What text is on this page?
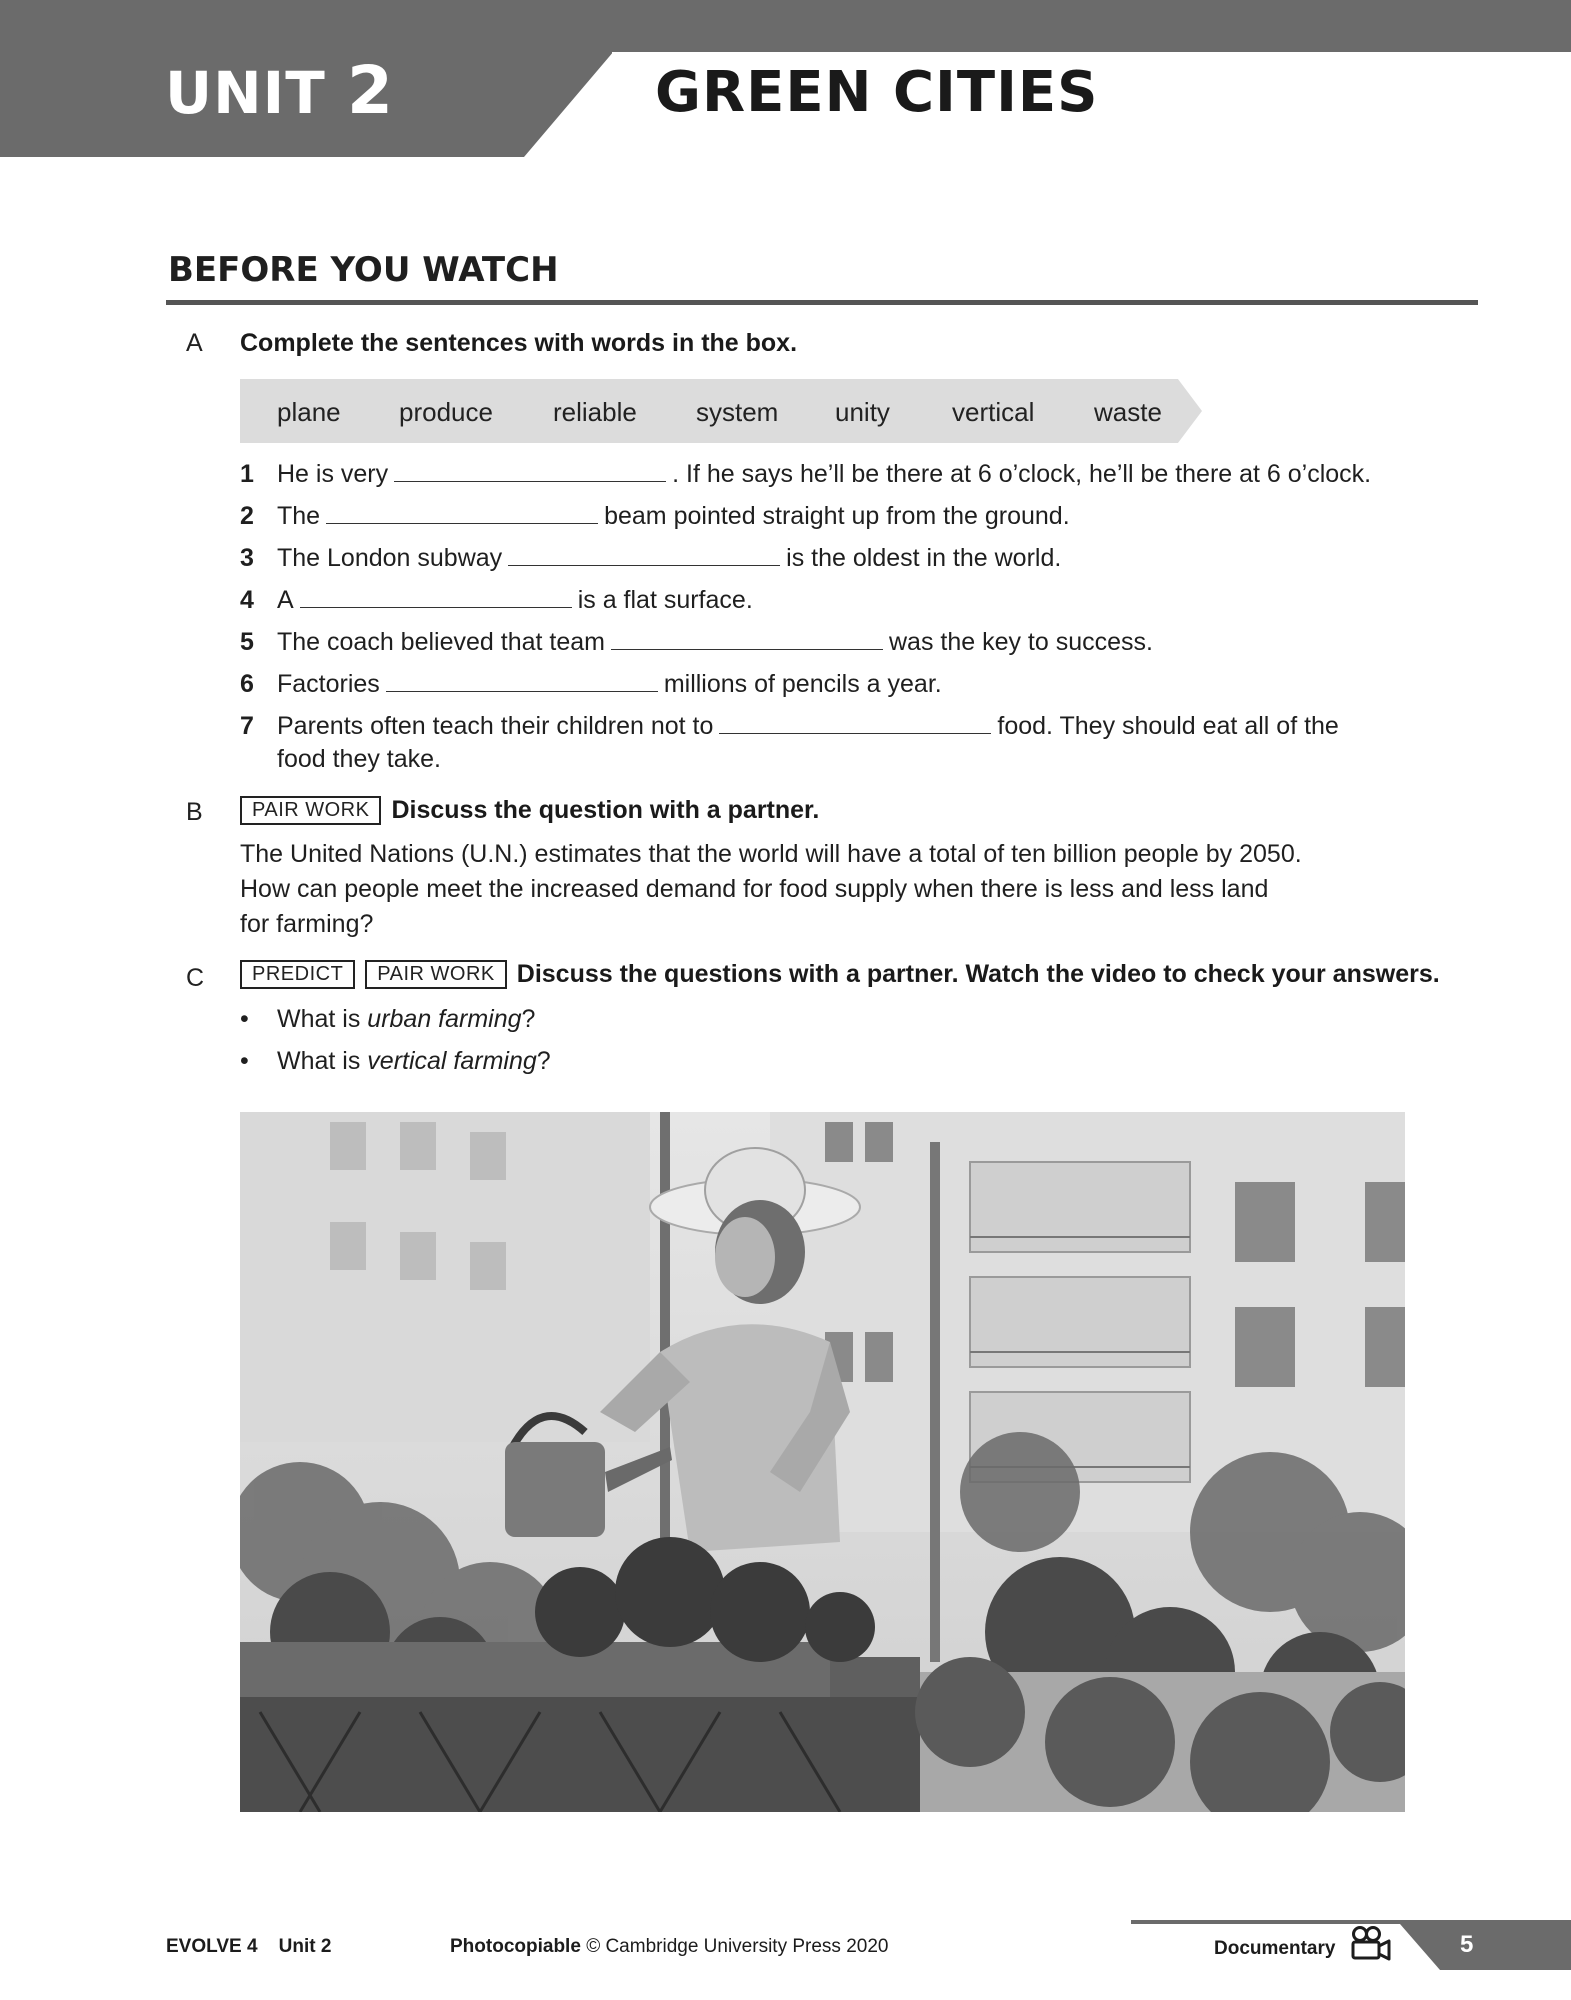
UNIT 2	GREEN CITIES
BEFORE YOU WATCH
A Complete the sentences with words in the box.
plane produce reliable system unity vertical waste
1 He is very	. If he says he’ll be there at 6 o’clock, he’ll be there at 6 o’clock.
2 The	beam pointed straight up from the ground.
3 The London subway	is the oldest in the world.
4 A	is a flat surface.
5 The coach believed that team	was the key to success.
6 Factories	millions of pencils a year.
7 Parents often teach their children not to	food. They should eat all of the
food they take.
B	PAIR WORK Discuss the question with a partner.

The United Nations (U.N.) estimates that the world will have a total of ten billion people by 2050.
How can people meet the increased demand for food supply when there is less and less land
for farming?

C	PREDICT PAIR WORK Discuss the questions with a partner. Watch the video to check your answers.
• What is urban farming?
• What is vertical farming?
EVOLVE 4 Unit 2	Photocopiable © Cambridge University Press 2020	Documentary	5
